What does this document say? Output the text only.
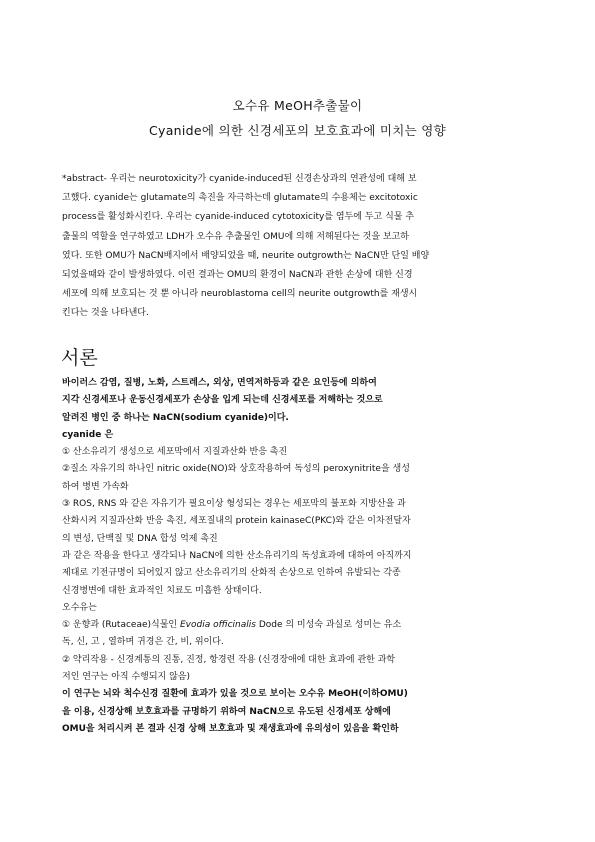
오수유 MeOH추출물이
Cyanide에 의한 신경세포의 보호효과에 미치는 영향
*abstract- 우리는 neurotoxicity가 cyanide-induced된 신경손상과의 연관성에 대해 보
고했다. cyanide는 glutamate의 촉진을 자극하는데 glutamate의 수용체는 excitotoxic
process를 활성화시킨다. 우리는 cyanide-induced cytotoxicity를 염두에 두고 식물 추
출물의 역할을 연구하였고 LDH가 오수유 추출물인 OMU에 의해 저해된다는 것을 보고하
였다. 또한 OMU가 NaCN배지에서 배양되었을 때, neurite outgrowth는 NaCN만 단일 배양
되었을때와 같이 발생하였다. 이런 결과는 OMU의 환경이 NaCN과 관한 손상에 대한 신경
세포에 의해 보호되는 것 뿐 아니라 neuroblastoma cell의 neurite outgrowth를 재생시
킨다는 것을 나타낸다.
서론
바이러스 감염, 질병, 노화, 스트레스, 외상, 면역저하등과 같은 요인등에 의하여
지각 신경세포나 운동신경세포가 손상을 입게 되는데 신경세포를 저해하는 것으로
알려진 병인 중 하나는 NaCN(sodium cyanide)이다.
cyanide 은
① 산소유리기 생성으로 세포막에서 지질과산화 반응 촉진
②질소 자유기의 하나인 nitric oxide(NO)와 상호작용하여 독성의 peroxynitrite을 생성
하여 병변 가속화
③ ROS, RNS 와 같은 자유기가 필요이상 형성되는 경우는 세포막의 불포화 지방산을 과
산화시켜 지질과산화 반응 촉진, 세포질내의 protein kainaseC(PKC)와 같은 이차전달자
의 변성, 단백질 및 DNA 합성 억제 촉진
과 같은 작용을 한다고 생각되나 NaCN에 의한 산소유리기의 독성효과에 대하여 아직까지
제대로 기전규명이 되어있지 않고 산소유리기의 산화적 손상으로 인하여 유발되는 각종
신경병변에 대한 효과적인 치료도 미흡한 상태이다.
오수유는
① 운향과 (Rutaceae)식물인 Evodia officinalis Dode 의 미성숙 과실로 성미는 유소
독, 신, 고 , 열하며 귀경은 간, 비, 위이다.
② 약리작용 - 신경계통의 진통, 진정, 항경련 작용 (신경장애에 대한 효과에 관한 과학
저인 연구는 아직 수행되지 않음)
이 연구는 뇌와 척수신경 질환에 효과가 있을 것으로 보이는 오수유 MeOH(이하OMU)
을 이용, 신경상해 보호효과를 규명하기 위하여 NaCN으로 유도된 신경세포 상해에
OMU을 처리시켜 본 결과 신경 상해 보호효과 및 재생효과에 유의성이 있음을 확인하
